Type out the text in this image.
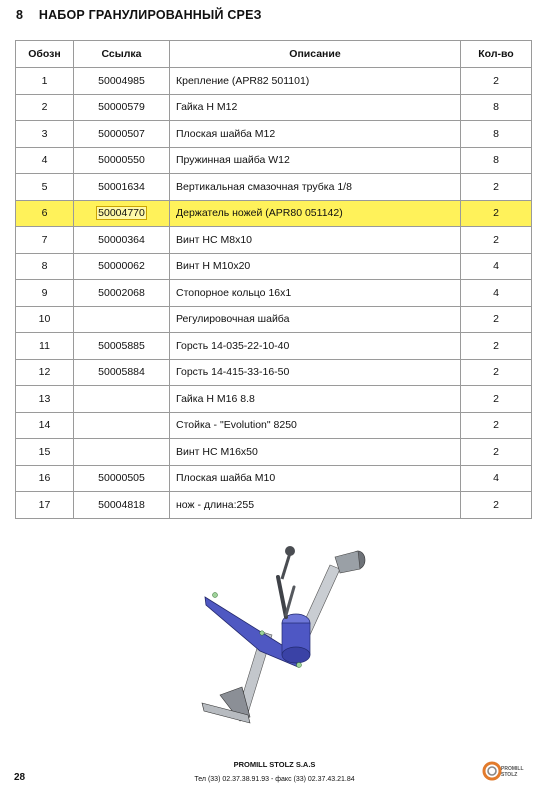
8 НАБОР ГРАНУЛИРОВАННЫЙ СРЕЗ
Обозн	Ссылка	Описание	Кол-во
1	50004985	Крепление (APR82 501101)	2
2	50000579	Гайка H M12	8
3	50000507	Плоская шайба M12	8
4	50000550	Пружинная шайба W12	8
5	50001634	Вертикальная смазочная трубка 1/8	2
6	50004770	Держатель ножей (APR80 051142)	2
7	50000364	Винт HC M8x10	2
8	50000062	Винт H M10x20	4
9	50002068	Стопорное кольцо 16x1	4
10		Регулировочная шайба	2
11	50005885	Горсть 14-035-22-10-40	2
12	50005884	Горсть 14-415-33-16-50	2
13		Гайка H M16 8.8	2
14		Стойка - "Evolution" 8250	2
15		Винт HC M16x50	2
16	50000505	Плоская шайба M10	4
17	50004818	нож - длина:255	2
28
PROMILL STOLZ S.A.S
Тел (33) 02.37.38.91.93 - факс (33) 02.37.43.21.84
PROMILL
STOLZ
